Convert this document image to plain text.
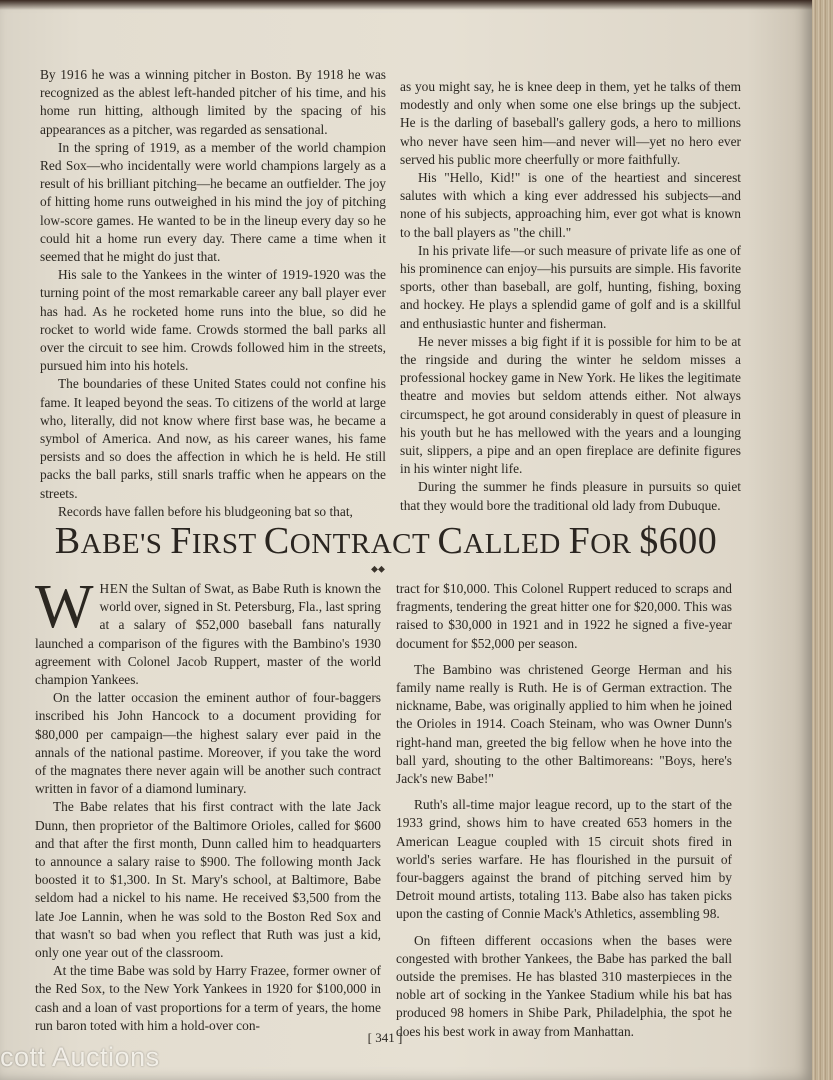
By 1916 he was a winning pitcher in Boston. By 1918 he was recognized as the ablest left-handed pitcher of his time, and his home run hitting, although limited by the spacing of his appearances as a pitcher, was regarded as sensational.

In the spring of 1919, as a member of the world champion Red Sox—who incidentally were world champions largely as a result of his brilliant pitching—he became an outfielder. The joy of hitting home runs outweighed in his mind the joy of pitching low-score games. He wanted to be in the lineup every day so he could hit a home run every day. There came a time when it seemed that he might do just that.

His sale to the Yankees in the winter of 1919-1920 was the turning point of the most remarkable career any ball player ever has had. As he rocketed home runs into the blue, so did he rocket to world wide fame. Crowds stormed the ball parks all over the circuit to see him. Crowds followed him in the streets, pursued him into his hotels.

The boundaries of these United States could not confine his fame. It leaped beyond the seas. To citizens of the world at large who, literally, did not know where first base was, he became a symbol of America. And now, as his career wanes, his fame persists and so does the affection in which he is held. He still packs the ball parks, still snarls traffic when he appears on the streets.

Records have fallen before his bludgeoning bat so that,

as you might say, he is knee deep in them, yet he talks of them modestly and only when some one else brings up the subject. He is the darling of baseball's gallery gods, a hero to millions who never have seen him—and never will—yet no hero ever served his public more cheerfully or more faithfully.

His "Hello, Kid!" is one of the heartiest and sincerest salutes with which a king ever addressed his subjects—and none of his subjects, approaching him, ever got what is known to the ball players as "the chill."

In his private life—or such measure of private life as one of his prominence can enjoy—his pursuits are simple. His favorite sports, other than baseball, are golf, hunting, fishing, boxing and hockey. He plays a splendid game of golf and is a skillful and enthusiastic hunter and fisherman.

He never misses a big fight if it is possible for him to be at the ringside and during the winter he seldom misses a professional hockey game in New York. He likes the legitimate theatre and movies but seldom attends either. Not always circumspect, he got around considerably in quest of pleasure in his youth but he has mellowed with the years and a lounging suit, slippers, a pipe and an open fireplace are definite figures in his winter night life.

During the summer he finds pleasure in pursuits so quiet that they would bore the traditional old lady from Dubuque.

BABE'S FIRST CONTRACT CALLED FOR $600
⬥⬥

WHEN the Sultan of Swat, as Babe Ruth is known the world over, signed in St. Petersburg, Fla., last spring at a salary of $52,000 baseball fans naturally launched a comparison of the figures with the Bambino's 1930 agreement with Colonel Jacob Ruppert, master of the world champion Yankees.

On the latter occasion the eminent author of four-baggers inscribed his John Hancock to a document providing for $80,000 per campaign—the highest salary ever paid in the annals of the national pastime. Moreover, if you take the word of the magnates there never again will be another such contract written in favor of a diamond luminary.

The Babe relates that his first contract with the late Jack Dunn, then proprietor of the Baltimore Orioles, called for $600 and that after the first month, Dunn called him to headquarters to announce a salary raise to $900. The following month Jack boosted it to $1,300. In St. Mary's school, at Baltimore, Babe seldom had a nickel to his name. He received $3,500 from the late Joe Lannin, when he was sold to the Boston Red Sox and that wasn't so bad when you reflect that Ruth was just a kid, only one year out of the classroom.

At the time Babe was sold by Harry Frazee, former owner of the Red Sox, to the New York Yankees in 1920 for $100,000 in cash and a loan of vast proportions for a term of years, the home run baron toted with him a hold-over con-

tract for $10,000. This Colonel Ruppert reduced to scraps and fragments, tendering the great hitter one for $20,000. This was raised to $30,000 in 1921 and in 1922 he signed a five-year document for $52,000 per season.

The Bambino was christened George Herman and his family name really is Ruth. He is of German extraction. The nickname, Babe, was originally applied to him when he joined the Orioles in 1914. Coach Steinam, who was Owner Dunn's right-hand man, greeted the big fellow when he hove into the ball yard, shouting to the other Baltimoreans: "Boys, here's Jack's new Babe!"

Ruth's all-time major league record, up to the start of the 1933 grind, shows him to have created 653 homers in the American League coupled with 15 circuit shots fired in world's series warfare. He has flourished in the pursuit of four-baggers against the brand of pitching served him by Detroit mound artists, totaling 113. Babe also has taken picks upon the casting of Connie Mack's Athletics, assembling 98.

On fifteen different occasions when the bases were congested with brother Yankees, the Babe has parked the ball outside the premises. He has blasted 310 masterpieces in the noble art of socking in the Yankee Stadium while his bat has produced 98 homers in Shibe Park, Philadelphia, the spot he does his best work in away from Manhattan.

[ 341 ]
cott Auctions
